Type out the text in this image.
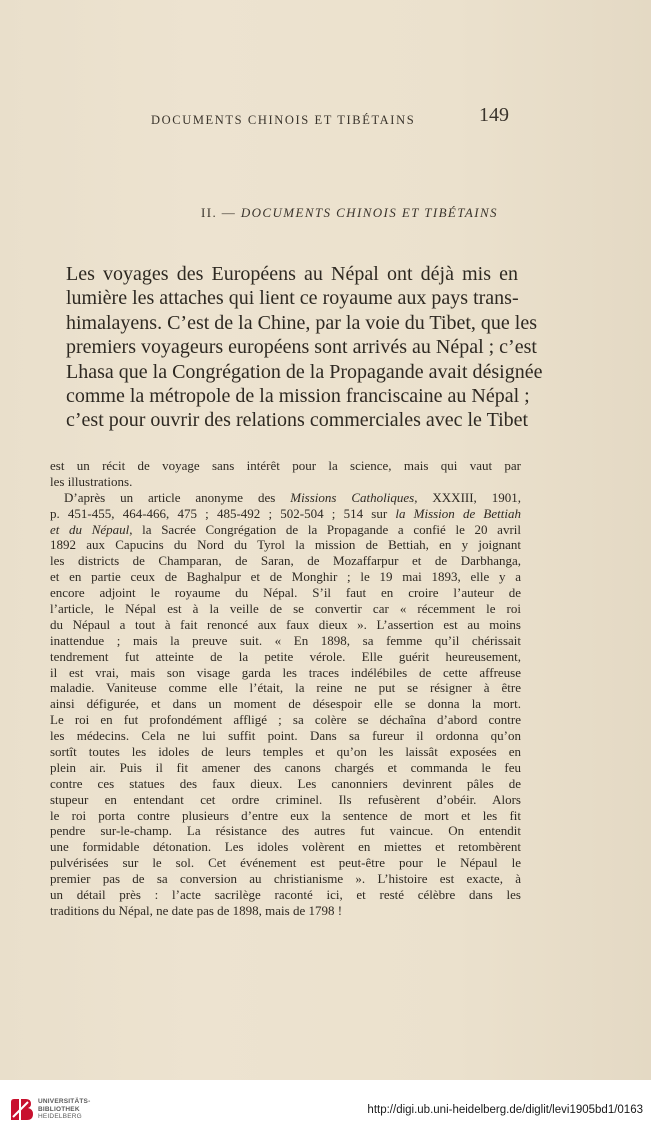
DOCUMENTS CHINOIS ET TIBÉTAINS	149
II. — DOCUMENTS CHINOIS ET TIBÉTAINS
Les voyages des Européens au Népal ont déjà mis en
lumière les attaches qui lient ce royaume aux pays trans-
himalayens. C’est de la Chine, par la voie du Tibet, que les
premiers voyageurs européens sont arrivés au Népal ; c’est
Lhasa que la Congrégation de la Propagande avait désignée
comme la métropole de la mission franciscaine au Népal ;
c’est pour ouvrir des relations commerciales avec le Tibet
est un récit de voyage sans intérêt pour la science, mais qui vaut par
les illustrations.
D’après un article anonyme des Missions Catholiques, XXXIII, 1901,
p. 451-455, 464-466, 475 ; 485-492 ; 502-504 ; 514 sur la Mission de Bettiah
et du Népaul, la Sacrée Congrégation de la Propagande a confié le 20 avril
1892 aux Capucins du Nord du Tyrol la mission de Bettiah, en y joignant
les districts de Champaran, de Saran, de Mozaffarpur et de Darbhanga,
et en partie ceux de Baghalpur et de Monghir ; le 19 mai 1893, elle y a
encore adjoint le royaume du Népal. S’il faut en croire l’auteur de
l’article, le Népal est à la veille de se convertir car « récemment le roi
du Népaul a tout à fait renoncé aux faux dieux ». L’assertion est au moins
inattendue ; mais la preuve suit. « En 1898, sa femme qu’il chérissait
tendrement fut atteinte de la petite vérole. Elle guérit heureusement,
il est vrai, mais son visage garda les traces indélébiles de cette affreuse
maladie. Vaniteuse comme elle l’était, la reine ne put se résigner à être
ainsi défigurée, et dans un moment de désespoir elle se donna la mort.
Le roi en fut profondément affligé ; sa colère se déchaîna d’abord contre
les médecins. Cela ne lui suffit point. Dans sa fureur il ordonna qu’on
sortît toutes les idoles de leurs temples et qu’on les laissât exposées en
plein air. Puis il fit amener des canons chargés et commanda le feu
contre ces statues des faux dieux. Les canonniers devinrent pâles de
stupeur en entendant cet ordre criminel. Ils refusèrent d’obéir. Alors
le roi porta contre plusieurs d’entre eux la sentence de mort et les fit
pendre sur-le-champ. La résistance des autres fut vaincue. On entendit
une formidable détonation. Les idoles volèrent en miettes et retombèrent
pulvérisées sur le sol. Cet événement est peut-être pour le Népaul le
premier pas de sa conversion au christianisme ». L’histoire est exacte, à
un détail près : l’acte sacrilège raconté ici, et resté célèbre dans les
traditions du Népal, ne date pas de 1898, mais de 1798 !
UNIVERSITÄTS-
BIBLIOTHEK
HEIDELBERG
http://digi.ub.uni-heidelberg.de/diglit/levi1905bd1/0163
